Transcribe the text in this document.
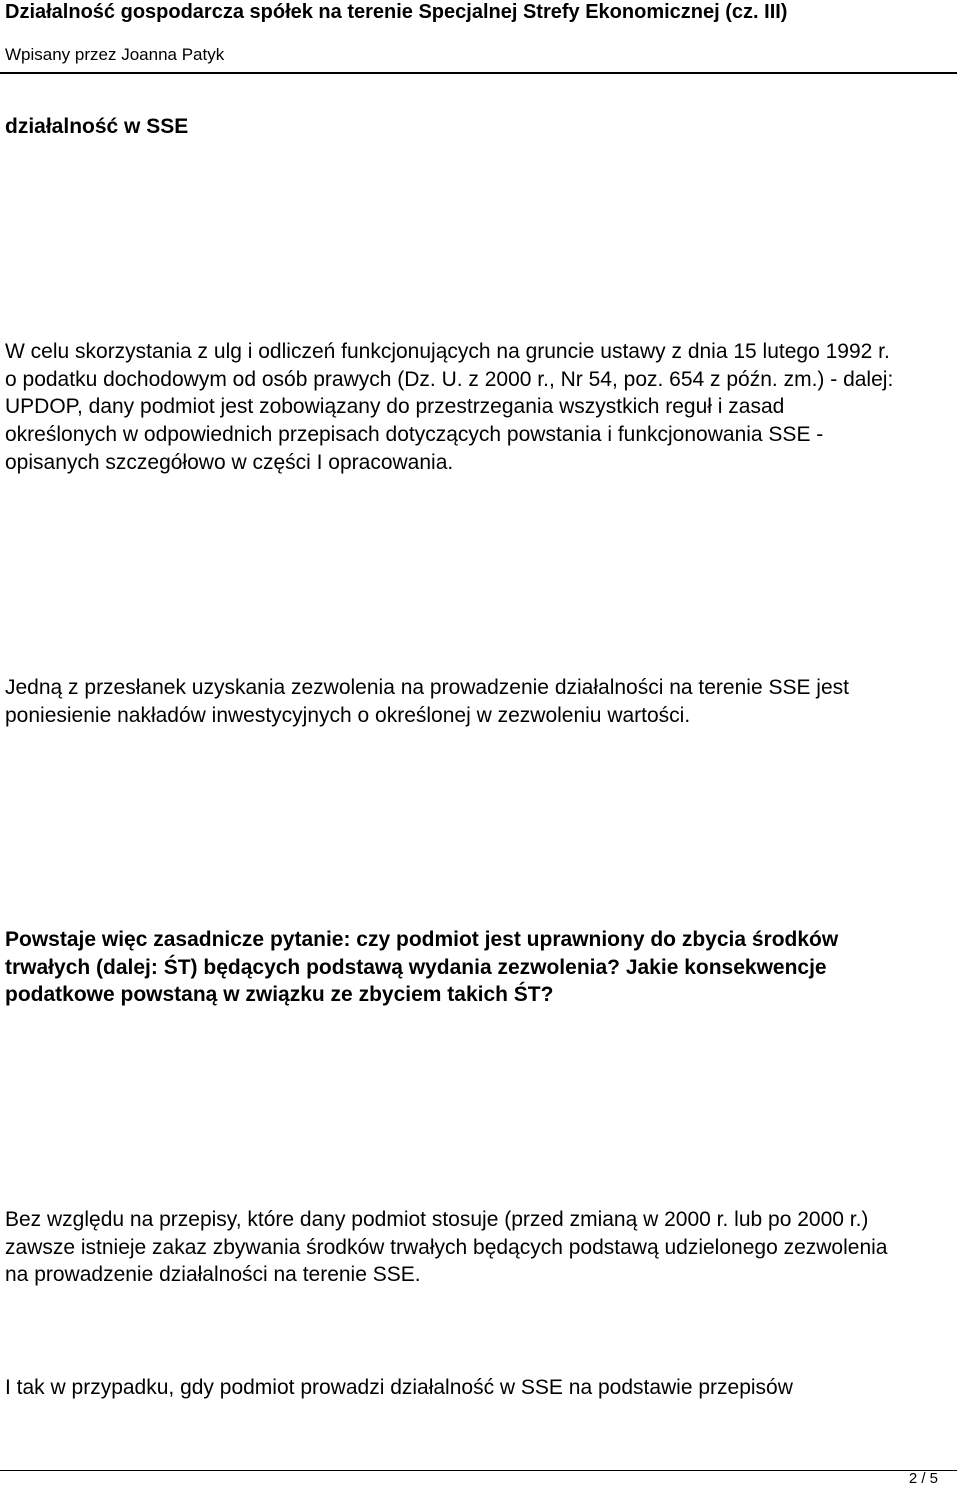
Działalność gospodarcza spółek na terenie Specjalnej Strefy Ekonomicznej (cz. III)
Wpisany przez Joanna Patyk
działalność w SSE
W celu skorzystania z ulg i odliczeń funkcjonujących na gruncie ustawy z dnia 15 lutego 1992 r.
o podatku dochodowym od osób prawych (Dz. U. z 2000 r., Nr 54, poz. 654 z późn. zm.) - dalej:
UPDOP, dany podmiot jest zobowiązany do przestrzegania wszystkich reguł i zasad
określonych w odpowiednich przepisach dotyczących powstania i funkcjonowania SSE -
opisanych szczegółowo w części I opracowania.
Jedną z przesłanek uzyskania zezwolenia na prowadzenie działalności na terenie SSE jest
poniesienie nakładów inwestycyjnych o określonej w zezwoleniu wartości.
Powstaje więc zasadnicze pytanie: czy podmiot jest uprawniony do zbycia środków
trwałych (dalej: ŚT) będących podstawą wydania zezwolenia? Jakie konsekwencje
podatkowe powstaną w związku ze zbyciem takich ŚT?
Bez względu na przepisy, które dany podmiot stosuje (przed zmianą w 2000 r. lub po 2000 r.)
zawsze istnieje zakaz zbywania środków trwałych będących podstawą udzielonego zezwolenia
na prowadzenie działalności na terenie SSE.
I tak w przypadku, gdy podmiot prowadzi działalność w SSE na podstawie przepisów
2 / 5
